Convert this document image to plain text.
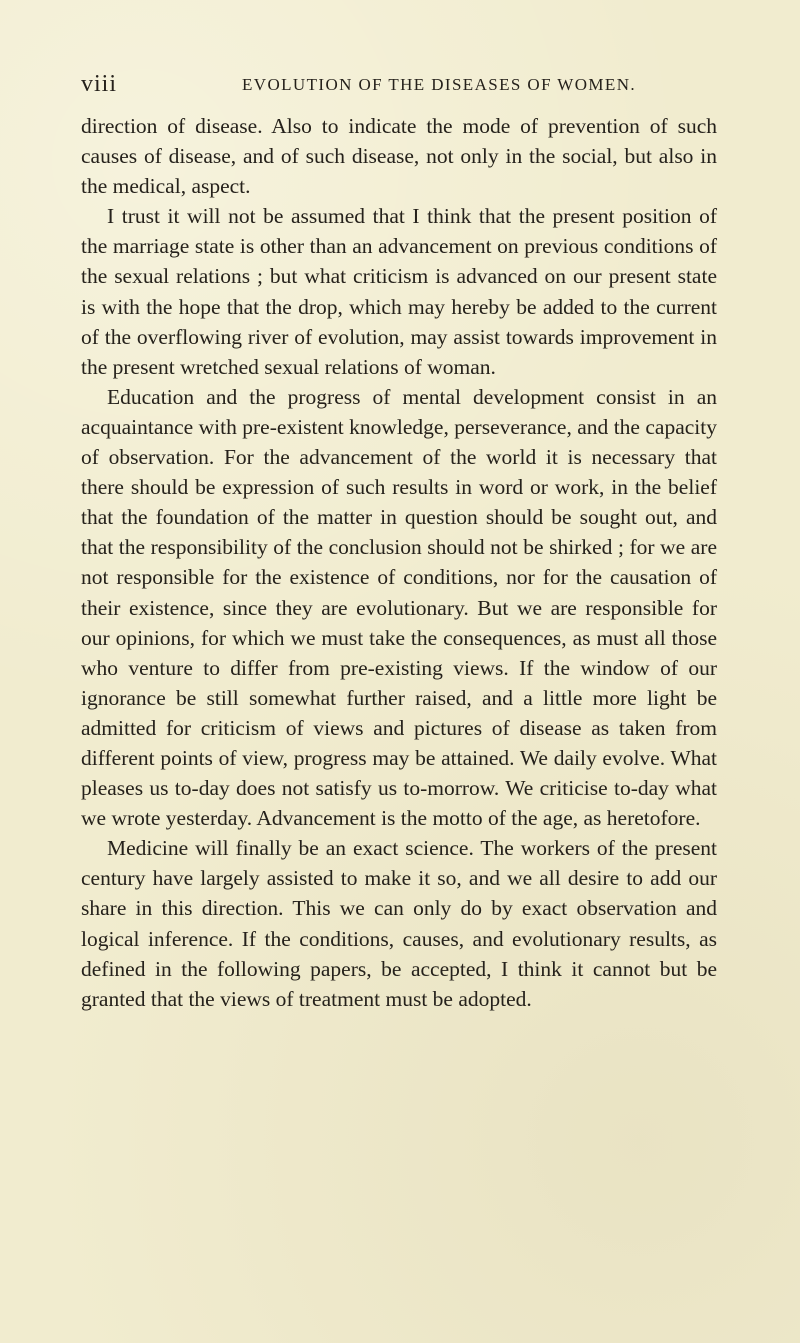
viii	EVOLUTION OF THE DISEASES OF WOMEN.

direction of disease. Also to indicate the mode of prevention of such causes of disease, and of such disease, not only in the social, but also in the medical, aspect.

I trust it will not be assumed that I think that the present position of the marriage state is other than an advancement on previous conditions of the sexual relations ; but what criticism is advanced on our present state is with the hope that the drop, which may hereby be added to the current of the overflowing river of evolution, may assist towards improvement in the present wretched sexual relations of woman.

Education and the progress of mental development consist in an acquaintance with pre-existent knowledge, perseverance, and the capacity of observation. For the advancement of the world it is necessary that there should be expression of such results in word or work, in the belief that the foundation of the matter in question should be sought out, and that the responsibility of the conclusion should not be shirked ; for we are not responsible for the existence of conditions, nor for the causation of their existence, since they are evolutionary. But we are responsible for our opinions, for which we must take the consequences, as must all those who venture to differ from pre-existing views. If the window of our ignorance be still somewhat further raised, and a little more light be admitted for criticism of views and pictures of disease as taken from different points of view, progress may be attained. We daily evolve. What pleases us to-day does not satisfy us to-morrow. We criticise to-day what we wrote yesterday. Advancement is the motto of the age, as heretofore.

Medicine will finally be an exact science. The workers of the present century have largely assisted to make it so, and we all desire to add our share in this direction. This we can only do by exact observation and logical inference. If the conditions, causes, and evolutionary results, as defined in the following papers, be accepted, I think it cannot but be granted that the views of treatment must be adopted.
